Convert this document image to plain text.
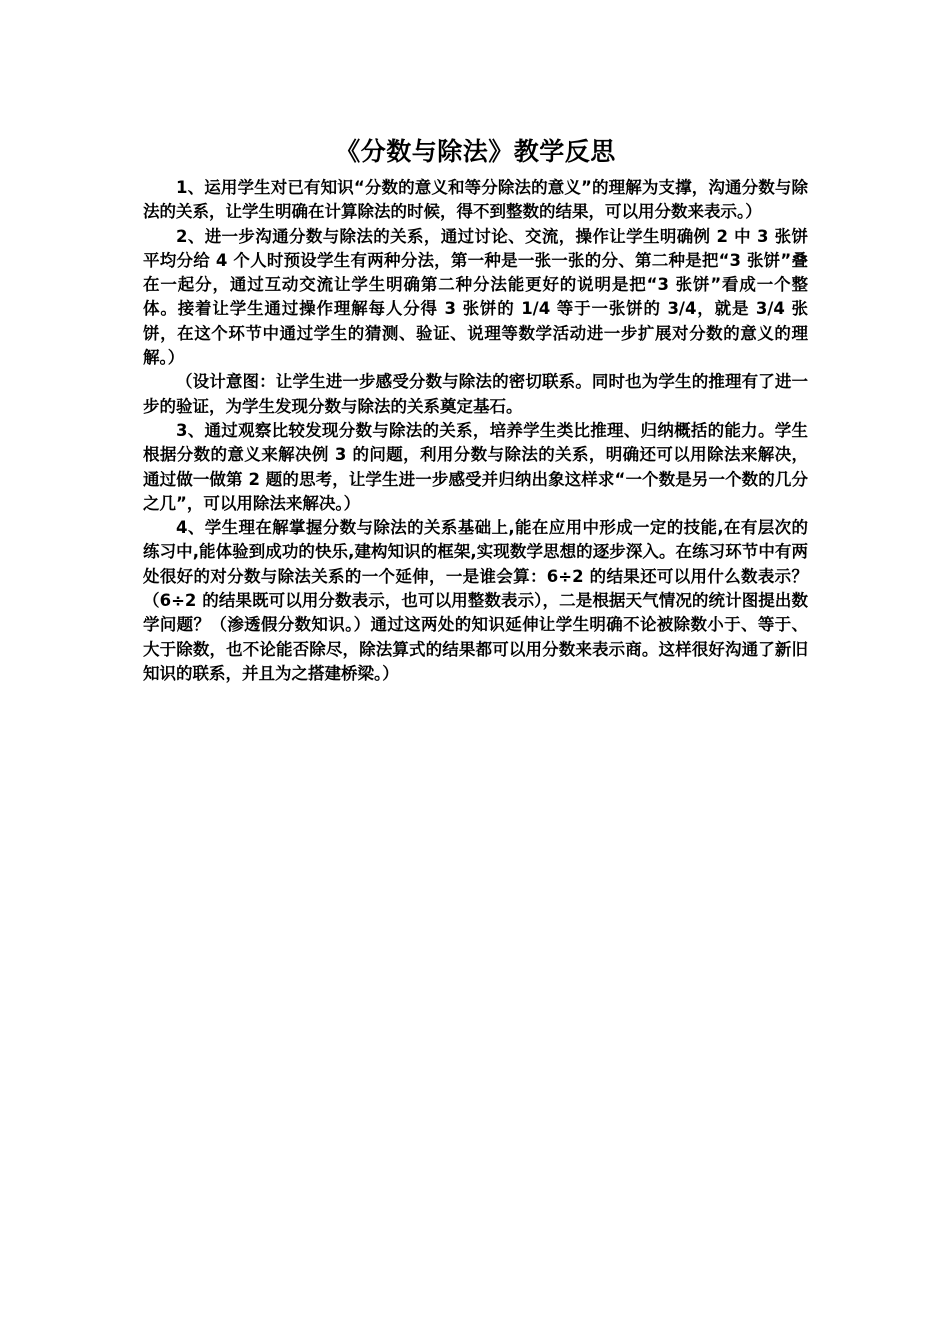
《分数与除法》教学反思

1、运用学生对已有知识“分数的意义和等分除法的意义”的理解为支撑，沟通分数与除法的关系，让学生明确在计算除法的时候，得不到整数的结果，可以用分数来表示。）

2、进一步沟通分数与除法的关系，通过讨论、交流，操作让学生明确例 2 中 3 张饼平均分给 4 个人时预设学生有两种分法，第一种是一张一张的分、第二种是把“3 张饼”叠在一起分，通过互动交流让学生明确第二种分法能更好的说明是把“3 张饼”看成一个整体。接着让学生通过操作理解每人分得 3 张饼的 1/4 等于一张饼的 3/4，就是 3/4 张饼，在这个环节中通过学生的猜测、验证、说理等数学活动进一步扩展对分数的意义的理解。）

（设计意图：让学生进一步感受分数与除法的密切联系。同时也为学生的推理有了进一步的验证，为学生发现分数与除法的关系奠定基石。

3、通过观察比较发现分数与除法的关系，培养学生类比推理、归纳概括的能力。学生根据分数的意义来解决例 3 的问题，利用分数与除法的关系，明确还可以用除法来解决，通过做一做第 2 题的思考，让学生进一步感受并归纳出象这样求“一个数是另一个数的几分之几”，可以用除法来解决。）

4、学生理在解掌握分数与除法的关系基础上,能在应用中形成一定的技能,在有层次的练习中,能体验到成功的快乐,建构知识的框架,实现数学思想的逐步深入。在练习环节中有两处很好的对分数与除法关系的一个延伸，一是谁会算：6÷2 的结果还可以用什么数表示？（6÷2 的结果既可以用分数表示，也可以用整数表示），二是根据天气情况的统计图提出数学问题？（渗透假分数知识。）通过这两处的知识延伸让学生明确不论被除数小于、等于、大于除数，也不论能否除尽，除法算式的结果都可以用分数来表示商。这样很好沟通了新旧知识的联系，并且为之搭建桥梁。）
